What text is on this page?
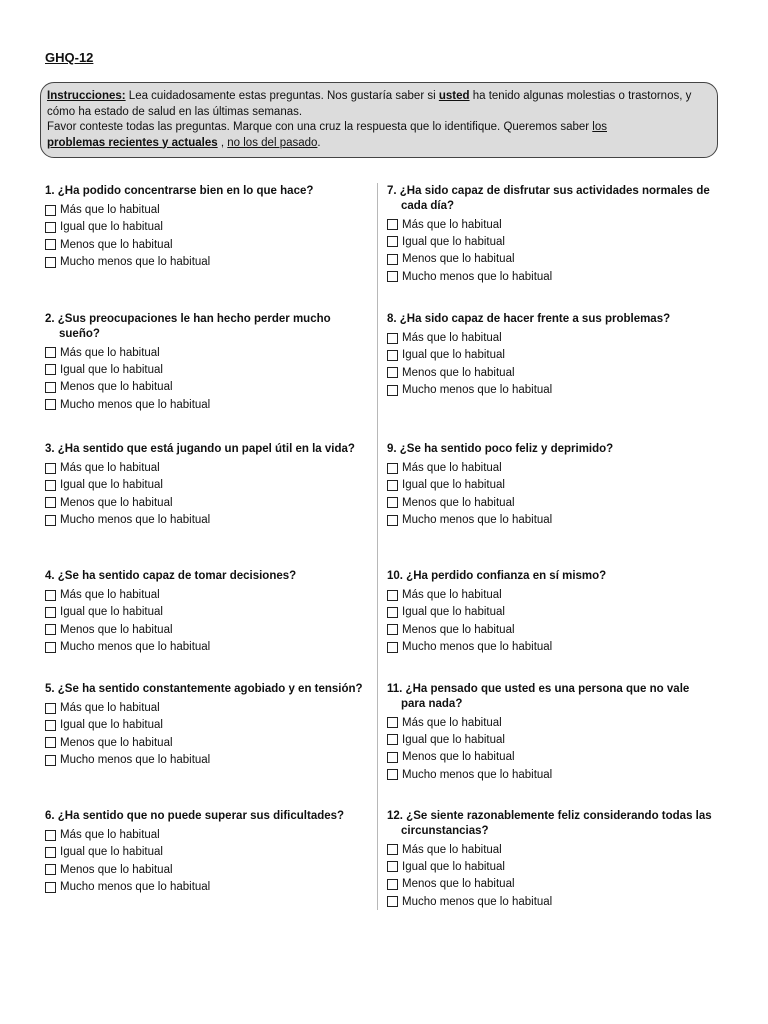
GHQ-12
Instrucciones: Lea cuidadosamente estas preguntas. Nos gustaría saber si usted ha tenido algunas molestias o trastornos, y cómo ha estado de salud en las últimas semanas.
Favor conteste todas las preguntas. Marque con una cruz la respuesta que lo identifique. Queremos saber los
problemas recientes y actuales , no los del pasado.
1. ¿Ha podido concentrarse bien en lo que hace?
Más que lo habitual
Igual que lo habitual
Menos que lo habitual
Mucho menos que lo habitual
2. ¿Sus preocupaciones le han hecho perder mucho sueño?
Más que lo habitual
Igual que lo habitual
Menos que lo habitual
Mucho menos que lo habitual
3. ¿Ha sentido que está jugando un papel útil en la vida?
Más que lo habitual
Igual que lo habitual
Menos que lo habitual
Mucho menos que lo habitual
4. ¿Se ha sentido capaz de tomar decisiones?
Más que lo habitual
Igual que lo habitual
Menos que lo habitual
Mucho menos que lo habitual
5. ¿Se ha sentido constantemente agobiado y en tensión?
Más que lo habitual
Igual que lo habitual
Menos que lo habitual
Mucho menos que lo habitual
6. ¿Ha sentido que no puede superar sus dificultades?
Más que lo habitual
Igual que lo habitual
Menos que lo habitual
Mucho menos que lo habitual
7. ¿Ha sido capaz de disfrutar sus actividades normales de cada día?
Más que lo habitual
Igual que lo habitual
Menos que lo habitual
Mucho menos que lo habitual
8. ¿Ha sido capaz de hacer frente a sus problemas?
Más que lo habitual
Igual que lo habitual
Menos que lo habitual
Mucho menos que lo habitual
9. ¿Se ha sentido poco feliz y deprimido?
Más que lo habitual
Igual que lo habitual
Menos que lo habitual
Mucho menos que lo habitual
10. ¿Ha perdido confianza en sí mismo?
Más que lo habitual
Igual que lo habitual
Menos que lo habitual
Mucho menos que lo habitual
11. ¿Ha pensado que usted es una persona que no vale para nada?
Más que lo habitual
Igual que lo habitual
Menos que lo habitual
Mucho menos que lo habitual
12. ¿Se siente razonablemente feliz considerando todas las circunstancias?
Más que lo habitual
Igual que lo habitual
Menos que lo habitual
Mucho menos que lo habitual
